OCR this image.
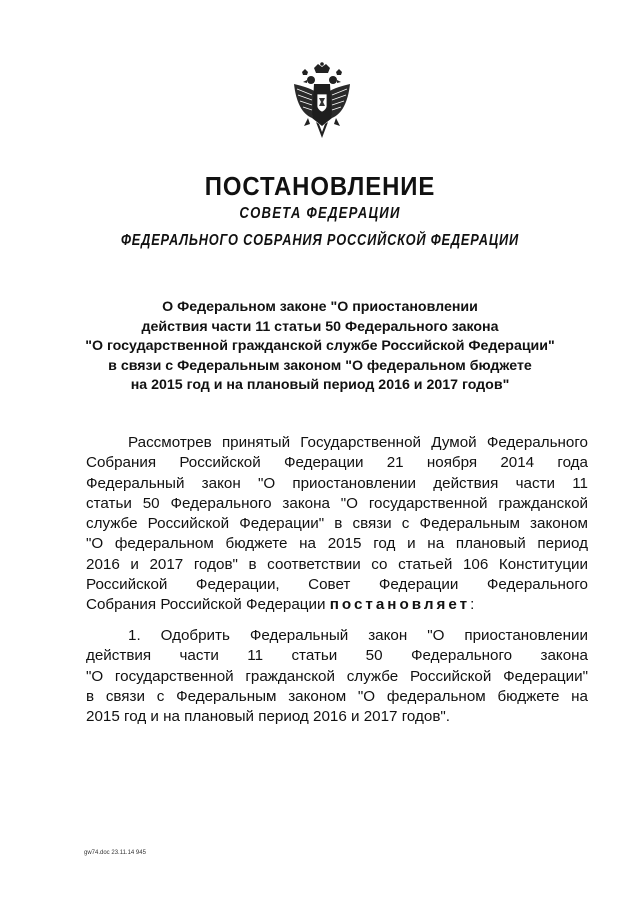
ПОСТАНОВЛЕНИЕ
СОВЕТА ФЕДЕРАЦИИ
ФЕДЕРАЛЬНОГО СОБРАНИЯ РОССИЙСКОЙ ФЕДЕРАЦИИ
О Федеральном законе "О приостановлении
действия части 11 статьи 50 Федерального закона
"О государственной гражданской службе Российской Федерации"
в связи с Федеральным законом "О федеральном бюджете
на 2015 год и на плановый период 2016 и 2017 годов"
Рассмотрев принятый Государственной Думой Федерального
Собрания Российской Федерации 21 ноября 2014 года
Федеральный закон "О приостановлении действия части 11
статьи 50 Федерального закона "О государственной гражданской
службе Российской Федерации" в связи с Федеральным законом
"О федеральном бюджете на 2015 год и на плановый период
2016 и 2017 годов" в соответствии со статьей 106 Конституции
Российской Федерации, Совет Федерации Федерального
Собрания Российской Федерации постановляет:
1. Одобрить Федеральный закон "О приостановлении
действия части 11 статьи 50 Федерального закона
"О государственной гражданской службе Российской Федерации"
в связи с Федеральным законом "О федеральном бюджете на
2015 год и на плановый период 2016 и 2017 годов".
gw74.doc 23.11.14 945
